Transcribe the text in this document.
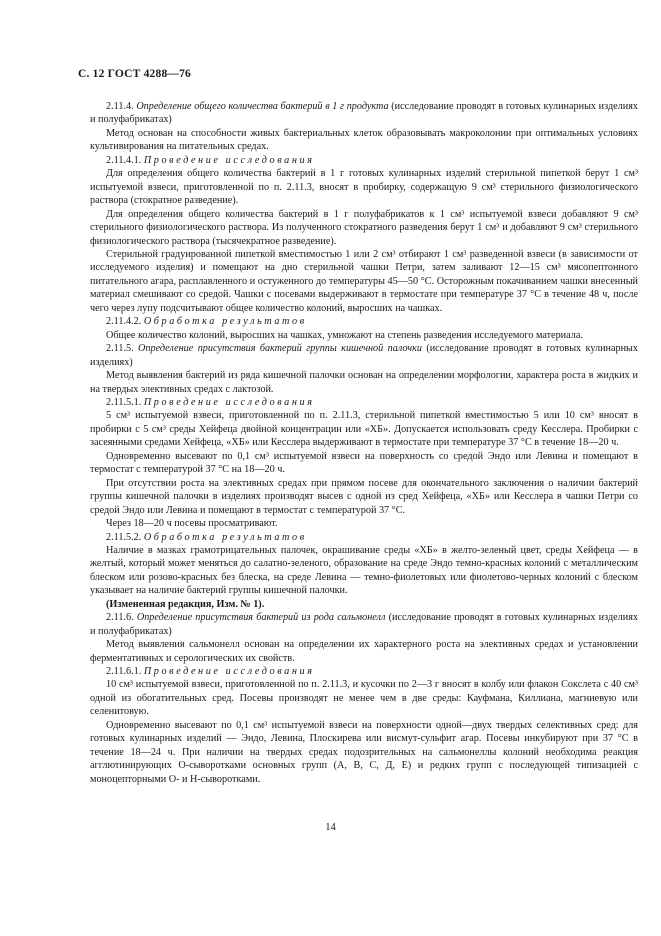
С. 12 ГОСТ 4288—76

2.11.4. Определение общего количества бактерий в 1 г продукта (исследование проводят в готовых кулинарных изделиях и полуфабрикатах)

Метод основан на способности живых бактериальных клеток образовывать макроколонии при оптимальных условиях культивирования на питательных средах.

2.11.4.1. Проведение исследования

Для определения общего количества бактерий в 1 г готовых кулинарных изделий стерильной пипеткой берут 1 см³ испытуемой взвеси, приготовленной по п. 2.11.3, вносят в пробирку, содержащую 9 см³ стерильного физиологического раствора (стократное разведение).

Для определения общего количества бактерий в 1 г полуфабрикатов к 1 см³ испытуемой взвеси добавляют 9 см³ стерильного физиологического раствора. Из полученного стократного разведения берут 1 см³ и добавляют 9 см³ стерильного физиологического раствора (тысячекратное разведение).

Стерильной градуированной пипеткой вместимостью 1 или 2 см³ отбирают 1 см³ разведенной взвеси (в зависимости от исследуемого изделия) и помещают на дно стерильной чашки Петри, затем заливают 12—15 см³ мясопептонного питательного агара, расплавленного и остуженного до температуры 45—50 °С. Осторожным покачиванием чашки внесенный материал смешивают со средой. Чашки с посевами выдерживают в термостате при температуре 37 °С в течение 48 ч, после чего через лупу подсчитывают общее количество колоний, выросших на чашках.

2.11.4.2. Обработка результатов

Общее количество колоний, выросших на чашках, умножают на степень разведения исследуемого материала.

2.11.5. Определение присутствия бактерий группы кишечной палочки (исследование проводят в готовых кулинарных изделиях)

Метод выявления бактерий из ряда кишечной палочки основан на определении морфологии, характера роста в жидких и на твердых элективных средах с лактозой.

2.11.5.1. Проведение исследования

5 см³ испытуемой взвеси, приготовленной по п. 2.11.3, стерильной пипеткой вместимостью 5 или 10 см³ вносят в пробирки с 5 см³ среды Хейфеца двойной концентрации или «ХБ». Допускается использовать среду Кесслера. Пробирки с засеянными средами Хейфеца, «ХБ» или Кесслера выдерживают в термостате при температуре 37 °С в течение 18—20 ч.

Одновременно высевают по 0,1 см³ испытуемой взвеси на поверхность со средой Эндо или Левина и помещают в термостат с температурой 37 °С на 18—20 ч.

При отсутствии роста на элективных средах при прямом посеве для окончательного заключения о наличии бактерий группы кишечной палочки в изделиях производят высев с одной из сред Хейфеца, «ХБ» или Кесслера в чашки Петри со средой Эндо или Левина и помещают в термостат с температурой 37 °С.

Через 18—20 ч посевы просматривают.

2.11.5.2. Обработка результатов

Наличие в мазках грамотрицательных палочек, окрашивание среды «ХБ» в желто-зеленый цвет, среды Хейфеца — в желтый, который может меняться до салатно-зеленого, образование на среде Эндо темно-красных колоний с металлическим блеском или розово-красных без блеска, на среде Левина — темно-фиолетовых или фиолетово-черных колоний с блеском указывает на наличие бактерий группы кишечной палочки.

(Измененная редакция, Изм. № 1).

2.11.6. Определение присутствия бактерий из рода сальмонелл (исследование проводят в готовых кулинарных изделиях и полуфабрикатах)

Метод выявления сальмонелл основан на определении их характерного роста на элективных средах и установлении ферментативных и серологических их свойств.

2.11.6.1. Проведение исследования

10 см³ испытуемой взвеси, приготовленной по п. 2.11.3, и кусочки по 2—3 г вносят в колбу или флакон Сокслета с 40 см³ одной из обогатительных сред. Посевы производят не менее чем в две среды: Кауфмана, Киллиана, магниевую или селенитовую.

Одновременно высевают по 0,1 см³ испытуемой взвеси на поверхности одной—двух твердых селективных сред: для готовых кулинарных изделий — Эндо, Левина, Плоскирева или висмут-сульфит агар. Посевы инкубируют при 37 °С в течение 18—24 ч. При наличии на твердых средах подозрительных на сальмонеллы колоний необходима реакция агглютинирующих О-сыворотками основных групп (А, В, С, Д, Е) и редких групп с последующей типизацией с моноцепторными О- и Н-сыворотками.

14
